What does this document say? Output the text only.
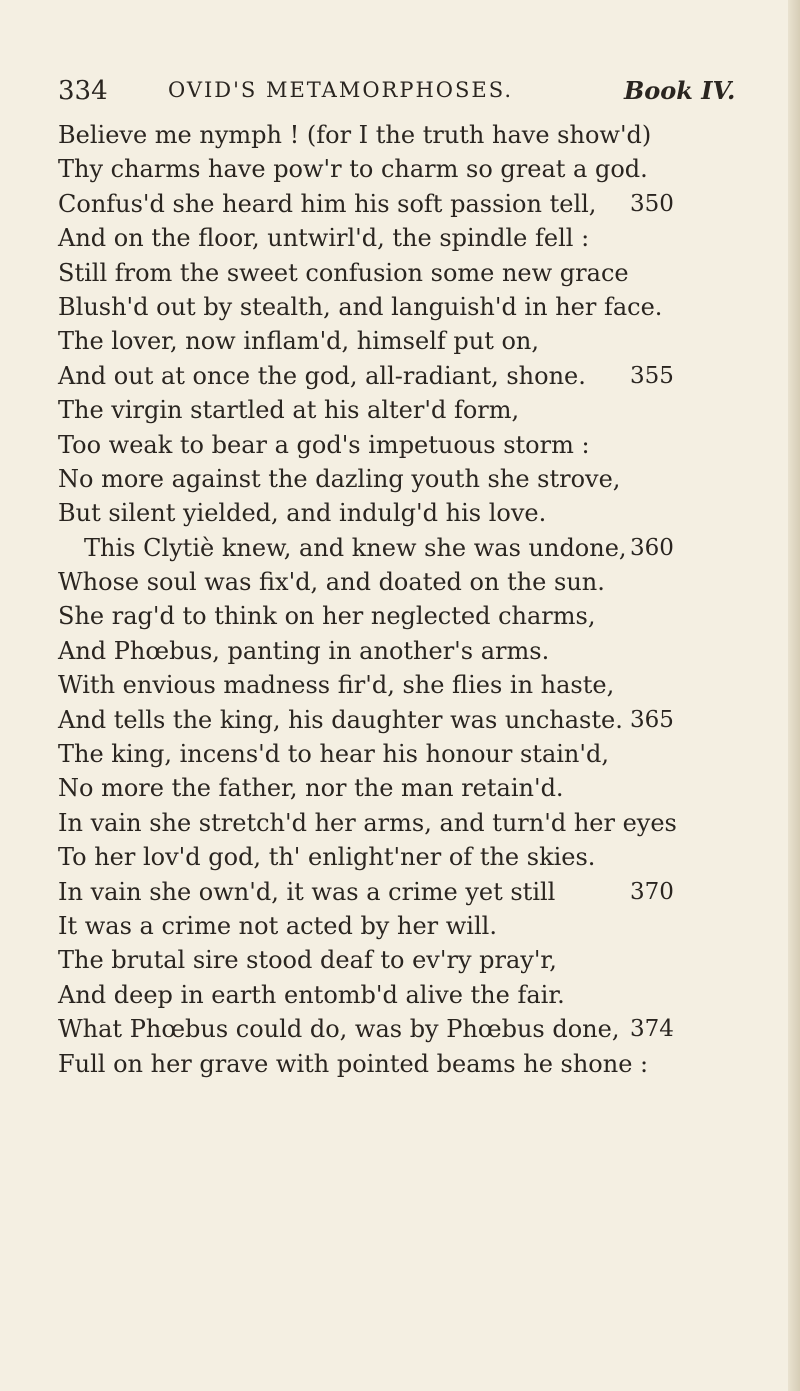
334	OVID'S METAMORPHOSES.	Book IV.
Believe me nymph ! (for I the truth have show'd)
Thy charms have pow'r to charm so great a god.
Confus'd she heard him his soft passion tell, 350
And on the floor, untwirl'd, the spindle fell :
Still from the sweet confusion some new grace
Blush'd out by stealth, and languish'd in her face.
The lover, now inflam'd, himself put on,
And out at once the god, all-radiant, shone. 355
The virgin startled at his alter'd form,
Too weak to bear a god's impetuous storm :
No more against the dazling youth she strove,
But silent yielded, and indulg'd his love.
This Clytiè knew, and knew she was undone, 360
Whose soul was fix'd, and doated on the sun.
She rag'd to think on her neglected charms,
And Phœbus, panting in another's arms.
With envious madness fir'd, she flies in haste,
And tells the king, his daughter was unchaste. 365
The king, incens'd to hear his honour stain'd,
No more the father, nor the man retain'd.
In vain she stretch'd her arms, and turn'd her eyes
To her lov'd god, th' enlight'ner of the skies.
In vain she own'd, it was a crime yet still	370
It was a crime not acted by her will.
The brutal sire stood deaf to ev'ry pray'r,
And deep in earth entomb'd alive the fair.
What Phœbus could do, was by Phœbus done, 374
Full on her grave with pointed beams he shone :
